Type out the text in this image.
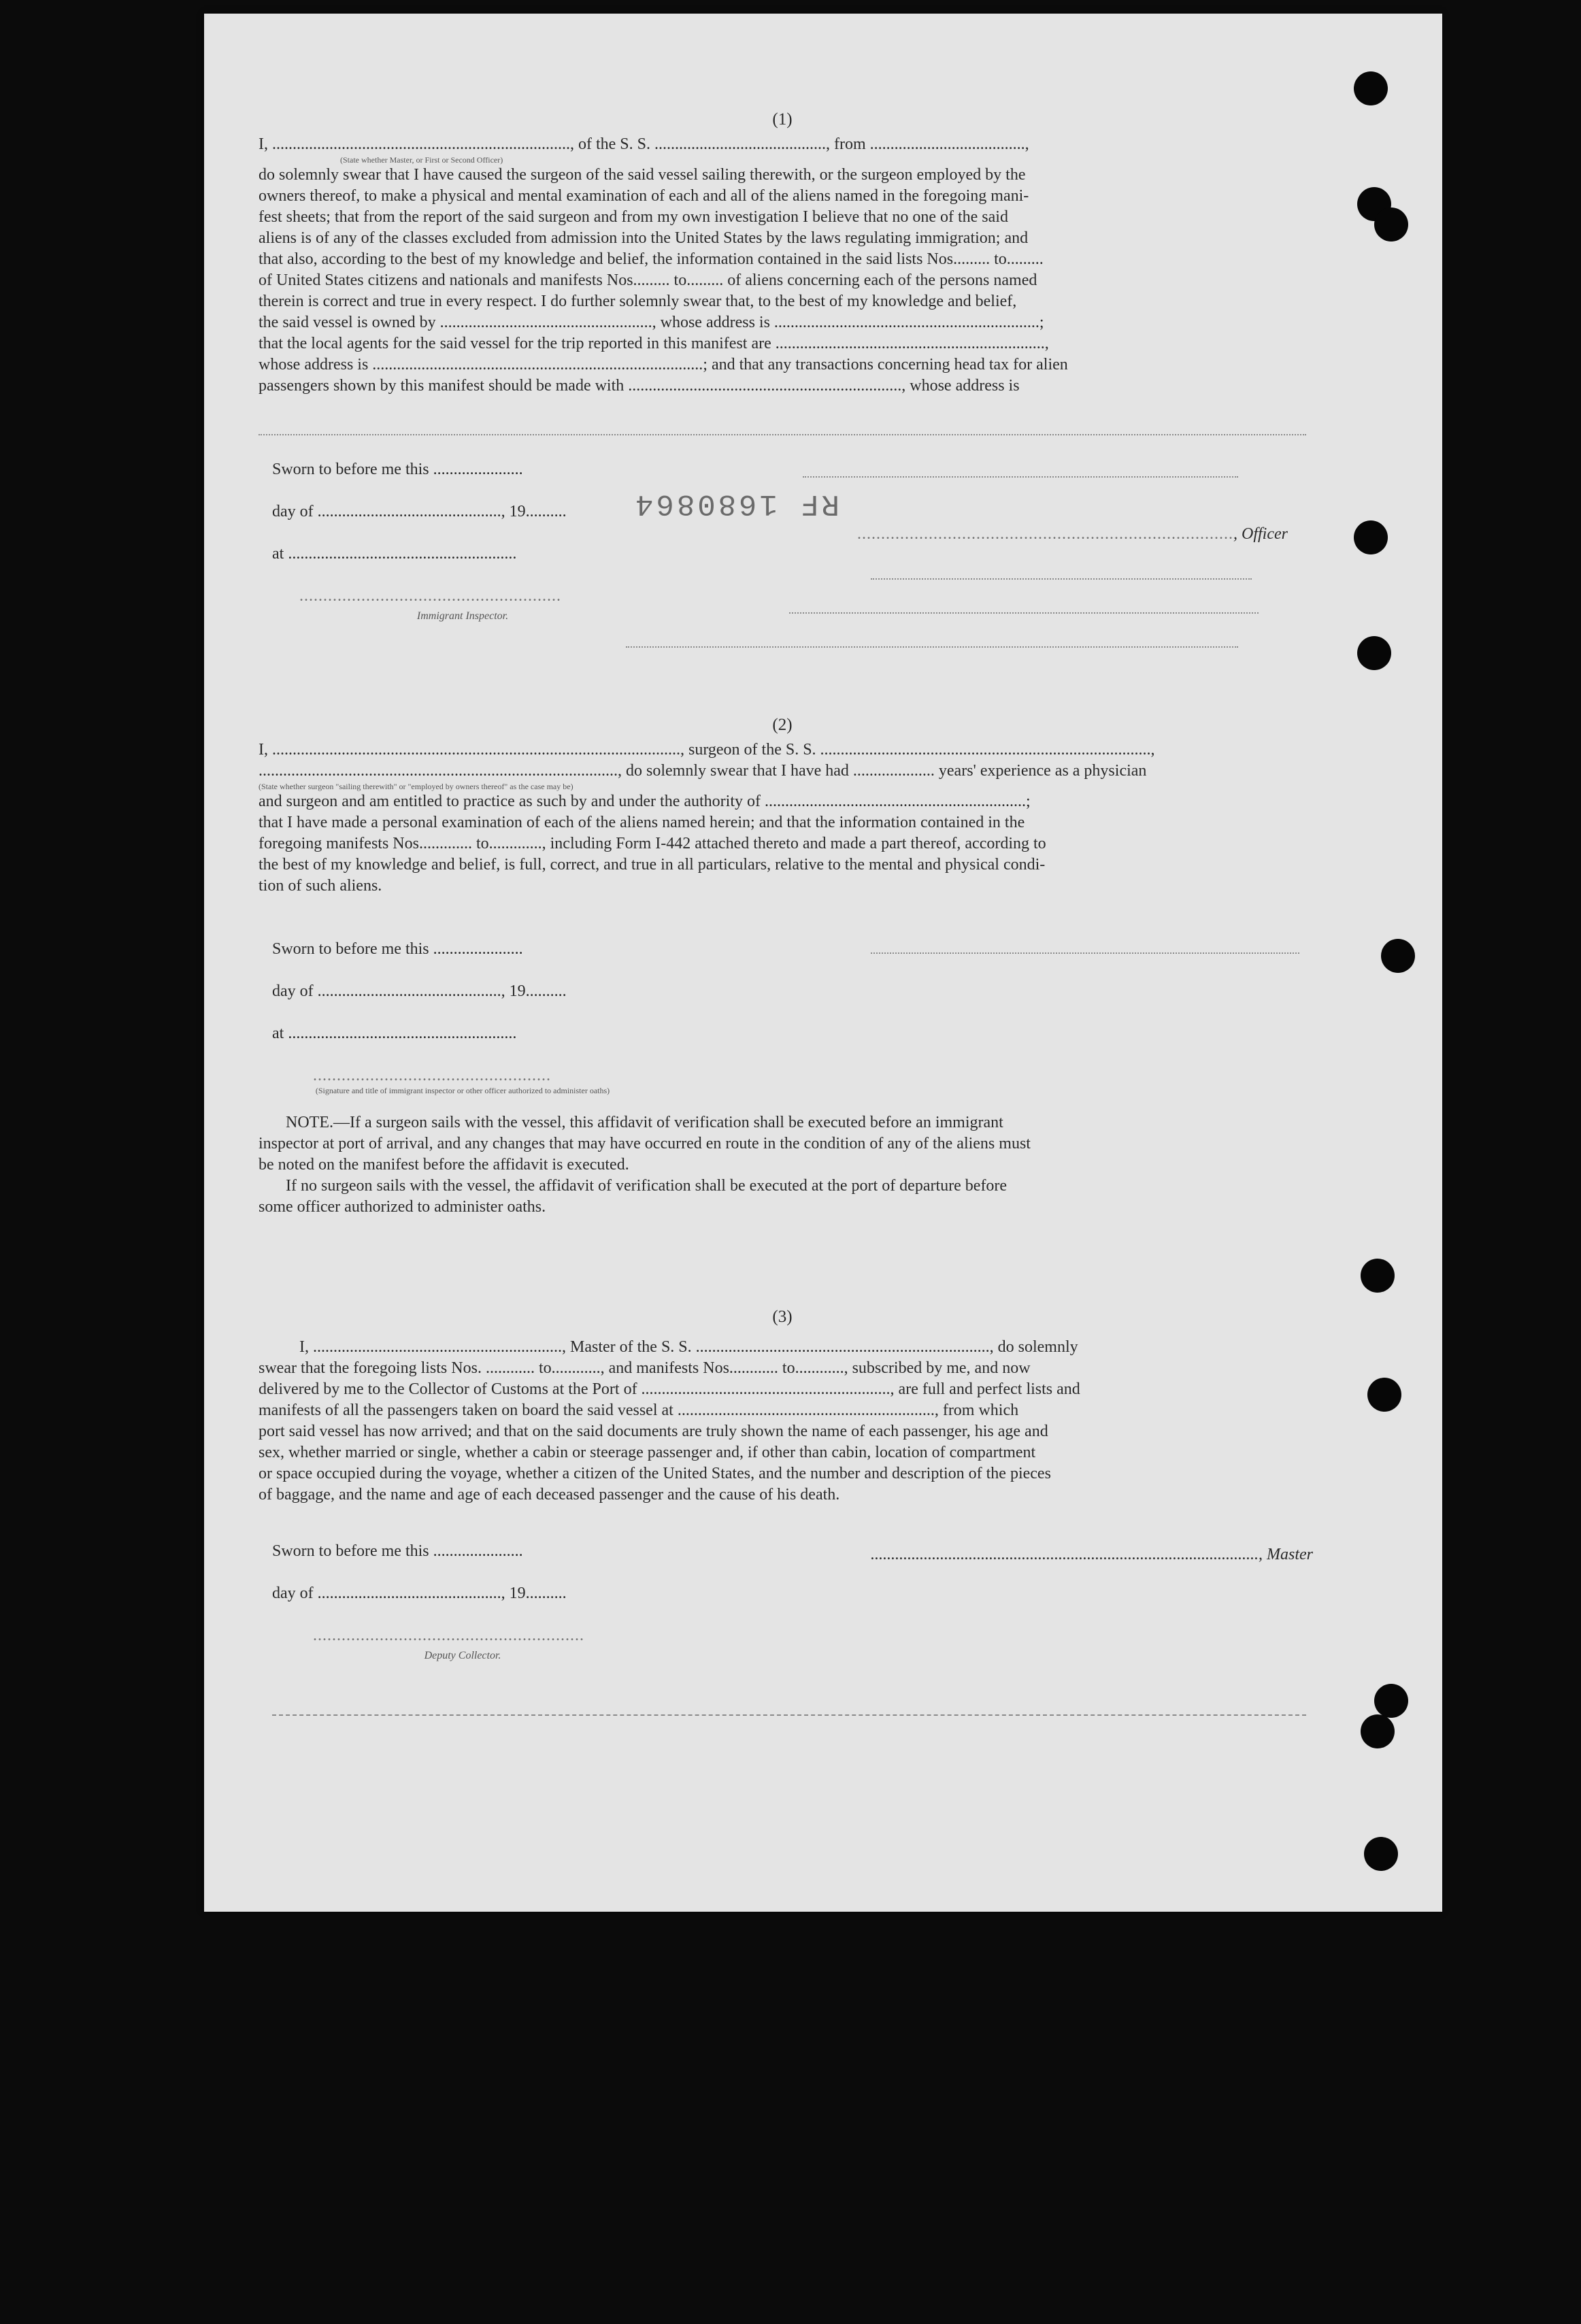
(1)
I, ........................................................................., of the S. S. .........................................., from ......................................,
(State whether Master, or First or Second Officer)
do solemnly swear that I have caused the surgeon of the said vessel sailing therewith, or the surgeon employed by the
owners thereof, to make a physical and mental examination of each and all of the aliens named in the foregoing mani-
fest sheets; that from the report of the said surgeon and from my own investigation I believe that no one of the said
aliens is of any of the classes excluded from admission into the United States by the laws regulating immigration; and
that also, according to the best of my knowledge and belief, the information contained in the said lists Nos......... to.........
of United States citizens and nationals and manifests Nos......... to......... of aliens concerning each of the persons named
therein is correct and true in every respect. I do further solemnly swear that, to the best of my knowledge and belief,
the said vessel is owned by ...................................................., whose address is .................................................................;
that the local agents for the said vessel for the trip reported in this manifest are ..................................................................,
whose address is .................................................................................; and that any transactions concerning head tax for alien
passengers shown by this manifest should be made with ..................................................................., whose address is
Sworn to before me this ......................
day of ............................................., 19..........
at ........................................................
.......................................................
Immigrant Inspector.
RF 1680864
..............................................................................., Officer
(2)
I, ...................................................................................................., surgeon of the S. S. .................................................................................,
........................................................................................, do solemnly swear that I have had .................... years' experience as a physician
(State whether surgeon "sailing therewith" or "employed by owners thereof" as the case may be)
and surgeon and am entitled to practice as such by and under the authority of ................................................................;
that I have made a personal examination of each of the aliens named herein; and that the information contained in the
foregoing manifests Nos............. to............., including Form I-442 attached thereto and made a part thereof, according to
the best of my knowledge and belief, is full, correct, and true in all particulars, relative to the mental and physical condi-
tion of such aliens.
Sworn to before me this ......................
day of ............................................., 19..........
at ........................................................
..................................................
(Signature and title of immigrant inspector or other officer authorized to administer oaths)
NOTE.—If a surgeon sails with the vessel, this affidavit of verification shall be executed before an immigrant
inspector at port of arrival, and any changes that may have occurred en route in the condition of any of the aliens must
be noted on the manifest before the affidavit is executed.
If no surgeon sails with the vessel, the affidavit of verification shall be executed at the port of departure before
some officer authorized to administer oaths.
(3)
I, ............................................................., Master of the S. S. ........................................................................, do solemnly
swear that the foregoing lists Nos. ............ to............, and manifests Nos............ to............, subscribed by me, and now
delivered by me to the Collector of Customs at the Port of ............................................................., are full and perfect lists and
manifests of all the passengers taken on board the said vessel at ..............................................................., from which
port said vessel has now arrived; and that on the said documents are truly shown the name of each passenger, his age and
sex, whether married or single, whether a cabin or steerage passenger and, if other than cabin, location of compartment
or space occupied during the voyage, whether a citizen of the United States, and the number and description of the pieces
of baggage, and the name and age of each deceased passenger and the cause of his death.
Sworn to before me this ......................
day of ............................................., 19..........
.........................................................
Deputy Collector.
..............................................................................................., Master
